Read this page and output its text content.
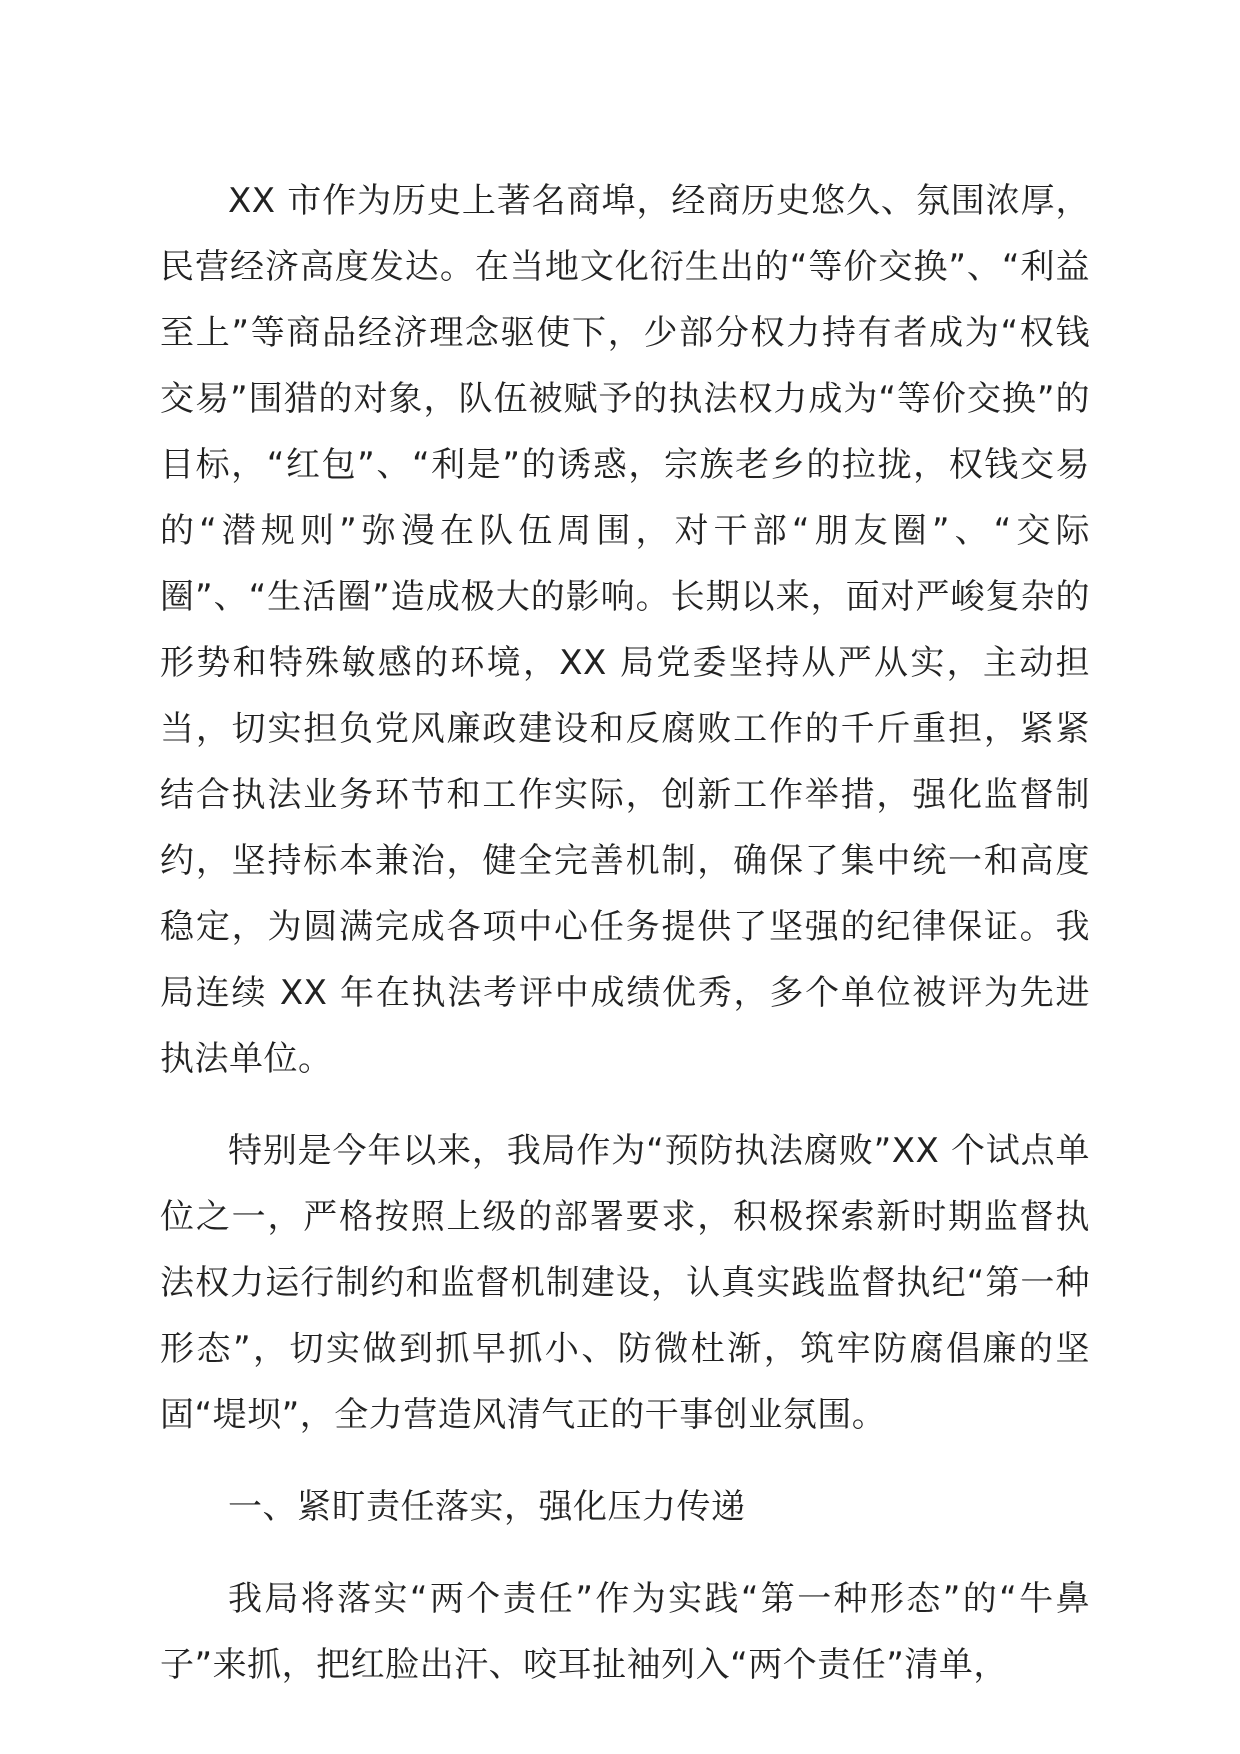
XX 市作为历史上著名商埠，经商历史悠久、氛围浓厚，民营经济高度发达。在当地文化衍生出的“等价交换”、“利益至上”等商品经济理念驱使下，少部分权力持有者成为“权钱交易”围猎的对象，队伍被赋予的执法权力成为“等价交换”的目标，“红包”、“利是”的诱惑，宗族老乡的拉拢，权钱交易的“潜规则”弥漫在队伍周围，对干部“朋友圈”、“交际圈”、“生活圈”造成极大的影响。长期以来，面对严峻复杂的形势和特殊敏感的环境，XX 局党委坚持从严从实，主动担当，切实担负党风廉政建设和反腐败工作的千斤重担，紧紧结合执法业务环节和工作实际，创新工作举措，强化监督制约，坚持标本兼治，健全完善机制，确保了集中统一和高度稳定，为圆满完成各项中心任务提供了坚强的纪律保证。我局连续 XX 年在执法考评中成绩优秀，多个单位被评为先进执法单位。

特别是今年以来，我局作为“预防执法腐败”XX 个试点单位之一，严格按照上级的部署要求，积极探索新时期监督执法权力运行制约和监督机制建设，认真实践监督执纪“第一种形态”，切实做到抓早抓小、防微杜渐，筑牢防腐倡廉的坚固“堤坝”，全力营造风清气正的干事创业氛围。

一、紧盯责任落实，强化压力传递

我局将落实“两个责任”作为实践“第一种形态”的“牛鼻子”来抓，把红脸出汗、咬耳扯袖列入“两个责任”清单，
